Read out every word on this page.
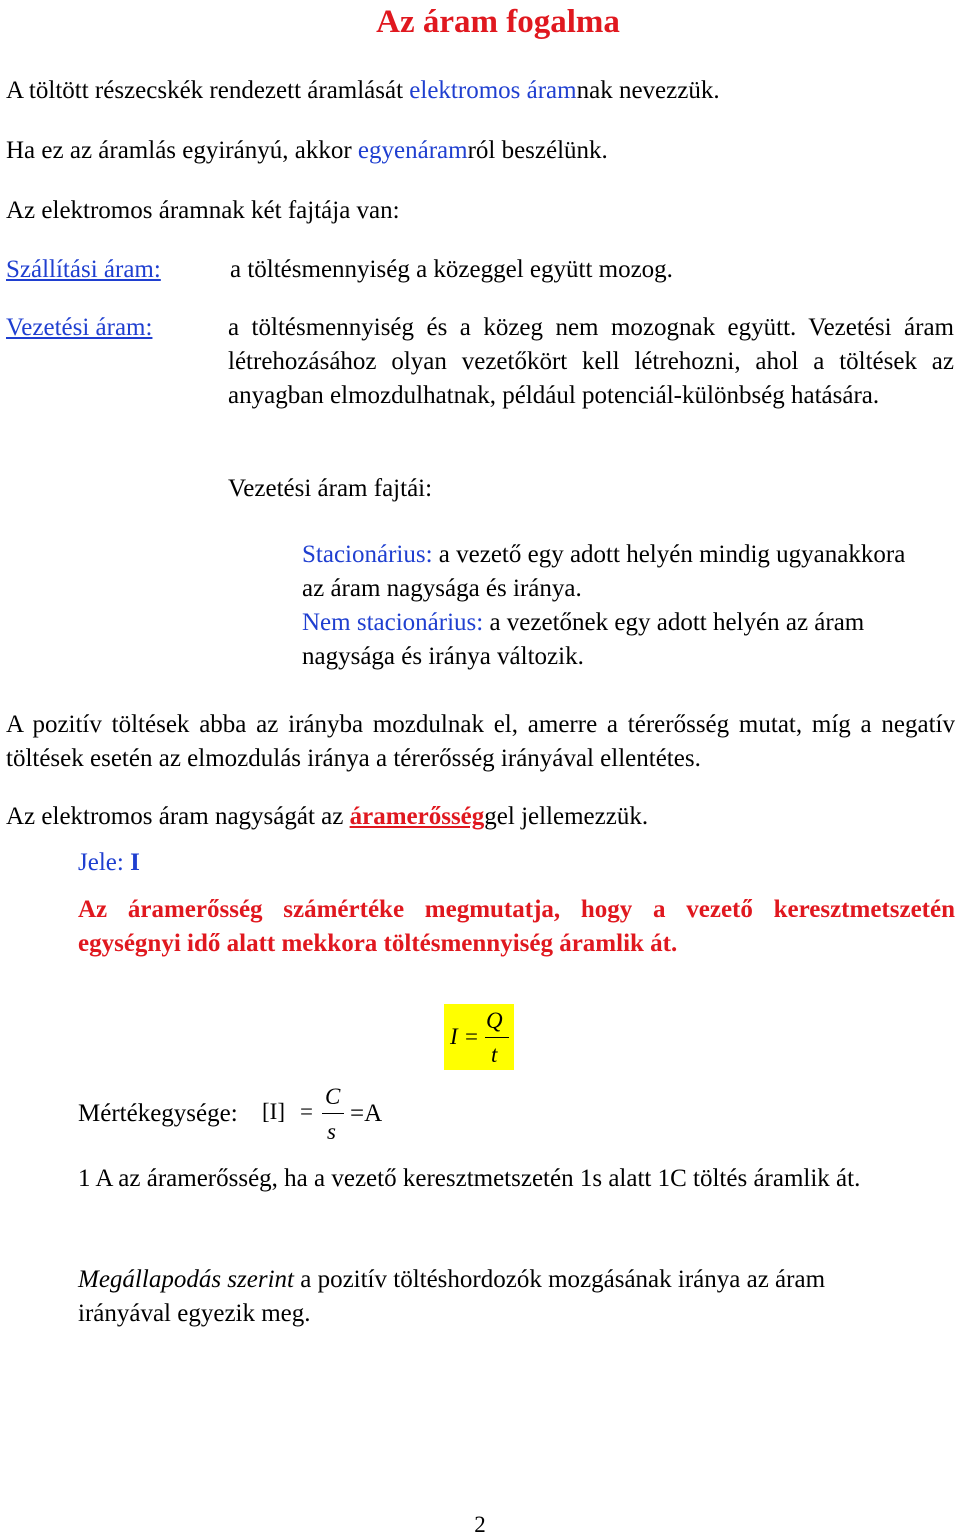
Az áram fogalma
A töltött részecskék rendezett áramlását elektromos áramnak nevezzük.
Ha ez az áramlás egyirányú, akkor egyenáramról beszélünk.
Az elektromos áramnak két fajtája van:
Szállítási áram:	a töltésmennyiség a közeggel együtt mozog.
Vezetési áram:	a töltésmennyiség és a közeg nem mozognak együtt. Vezetési áram létrehozásához olyan vezetőkört kell létrehozni, ahol a töltések az anyagban elmozdulhatnak, például potenciál-különbség hatására.
Vezetési áram fajtái:
Stacionárius: a vezető egy adott helyén mindig ugyanakkora az áram nagysága és iránya.
Nem stacionárius: a vezetőnek egy adott helyén az áram nagysága és iránya változik.
A pozitív töltések abba az irányba mozdulnak el, amerre a térerősség mutat, míg a negatív töltések esetén az elmozdulás iránya a térerősség irányával ellentétes.
Az elektromos áram nagyságát az áramerősséggel jellemezzük.
Jele: I
Az áramerősség számértéke megmutatja, hogy a vezető keresztmetszetén egységnyi idő alatt mekkora töltésmennyiség áramlik át.
I =
Q
t
Mértékegysége: [I] =
C
s
=A
1 A az áramerősség, ha a vezető keresztmetszetén 1s alatt 1C töltés áramlik át.
Megállapodás szerint a pozitív töltéshordozók mozgásának iránya az áram irányával egyezik meg.
2
